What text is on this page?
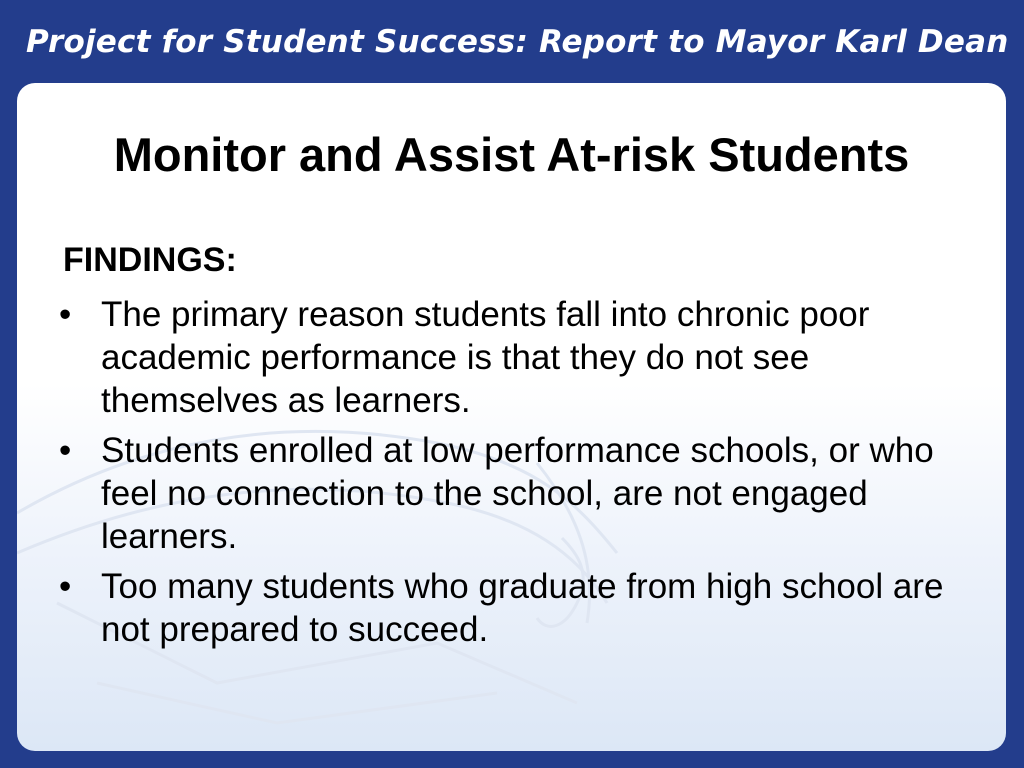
Project for Student Success: Report to Mayor Karl Dean
Monitor and Assist At-risk Students
FINDINGS:
• The primary reason students fall into chronic poor academic performance is that they do not see themselves as learners.
• Students enrolled at low performance schools, or who feel no connection to the school, are not engaged learners.
• Too many students who graduate from high school are not prepared to succeed.
